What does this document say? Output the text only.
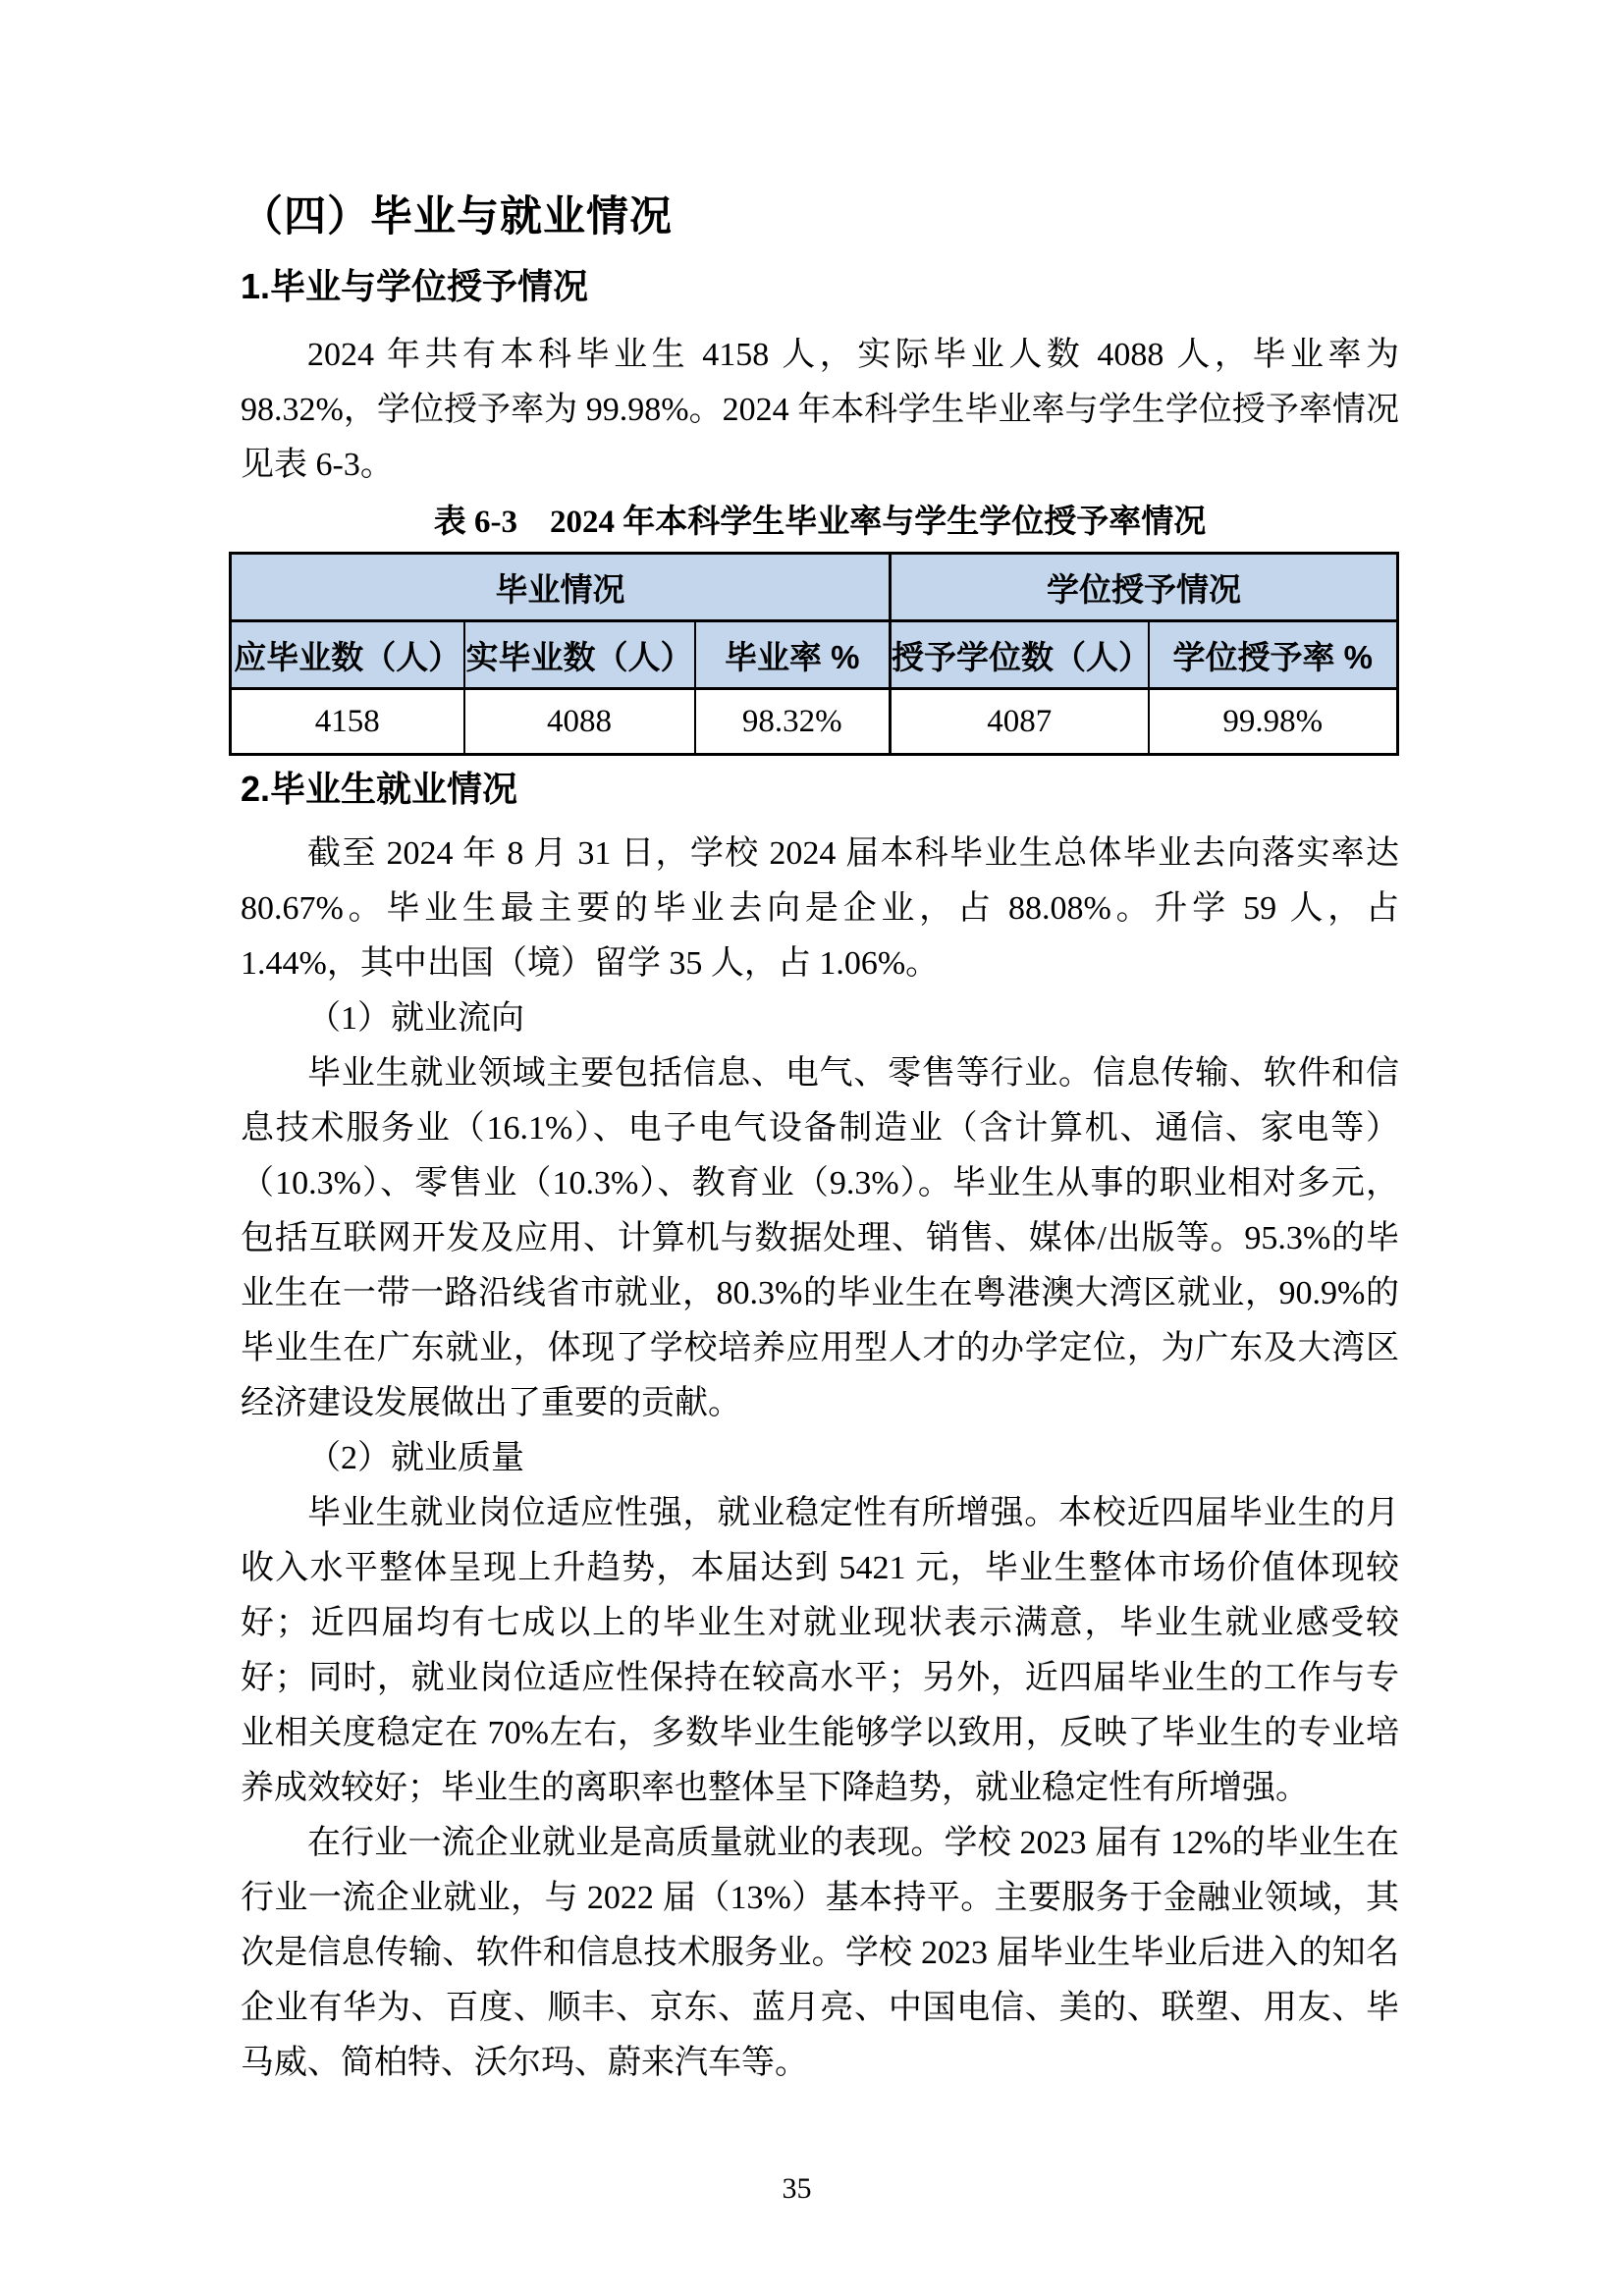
（四）毕业与就业情况
1.毕业与学位授予情况

2024 年共有本科毕业生 4158 人，实际毕业人数 4088 人，毕业率为 98.32%，学位授予率为 99.98%。2024 年本科学生毕业率与学生学位授予率情况见表 6-3。

表 6-3　2024 年本科学生毕业率与学生学位授予率情况
毕业情况			学位授予情况	
应毕业数（人）	实毕业数（人）	毕业率 %	授予学位数（人）	学位授予率 %
4158	4088	98.32%	4087	99.98%
2.毕业生就业情况

截至 2024 年 8 月 31 日，学校 2024 届本科毕业生总体毕业去向落实率达 80.67%。毕业生最主要的毕业去向是企业，占 88.08%。升学 59 人，占 1.44%，其中出国（境）留学 35 人，占 1.06%。

（1）就业流向

毕业生就业领域主要包括信息、电气、零售等行业。信息传输、软件和信息技术服务业（16.1%）、电子电气设备制造业（含计算机、通信、家电等）（10.3%）、零售业（10.3%）、教育业（9.3%）。毕业生从事的职业相对多元，包括互联网开发及应用、计算机与数据处理、销售、媒体/出版等。95.3%的毕业生在一带一路沿线省市就业，80.3%的毕业生在粤港澳大湾区就业，90.9%的毕业生在广东就业，体现了学校培养应用型人才的办学定位，为广东及大湾区经济建设发展做出了重要的贡献。

（2）就业质量

毕业生就业岗位适应性强，就业稳定性有所增强。本校近四届毕业生的月收入水平整体呈现上升趋势，本届达到 5421 元，毕业生整体市场价值体现较好；近四届均有七成以上的毕业生对就业现状表示满意，毕业生就业感受较好；同时，就业岗位适应性保持在较高水平；另外，近四届毕业生的工作与专业相关度稳定在 70%左右，多数毕业生能够学以致用，反映了毕业生的专业培养成效较好；毕业生的离职率也整体呈下降趋势，就业稳定性有所增强。

在行业一流企业就业是高质量就业的表现。学校 2023 届有 12%的毕业生在行业一流企业就业，与 2022 届（13%）基本持平。主要服务于金融业领域，其次是信息传输、软件和信息技术服务业。学校 2023 届毕业生毕业后进入的知名企业有华为、百度、顺丰、京东、蓝月亮、中国电信、美的、联塑、用友、毕马威、简柏特、沃尔玛、蔚来汽车等。

35
